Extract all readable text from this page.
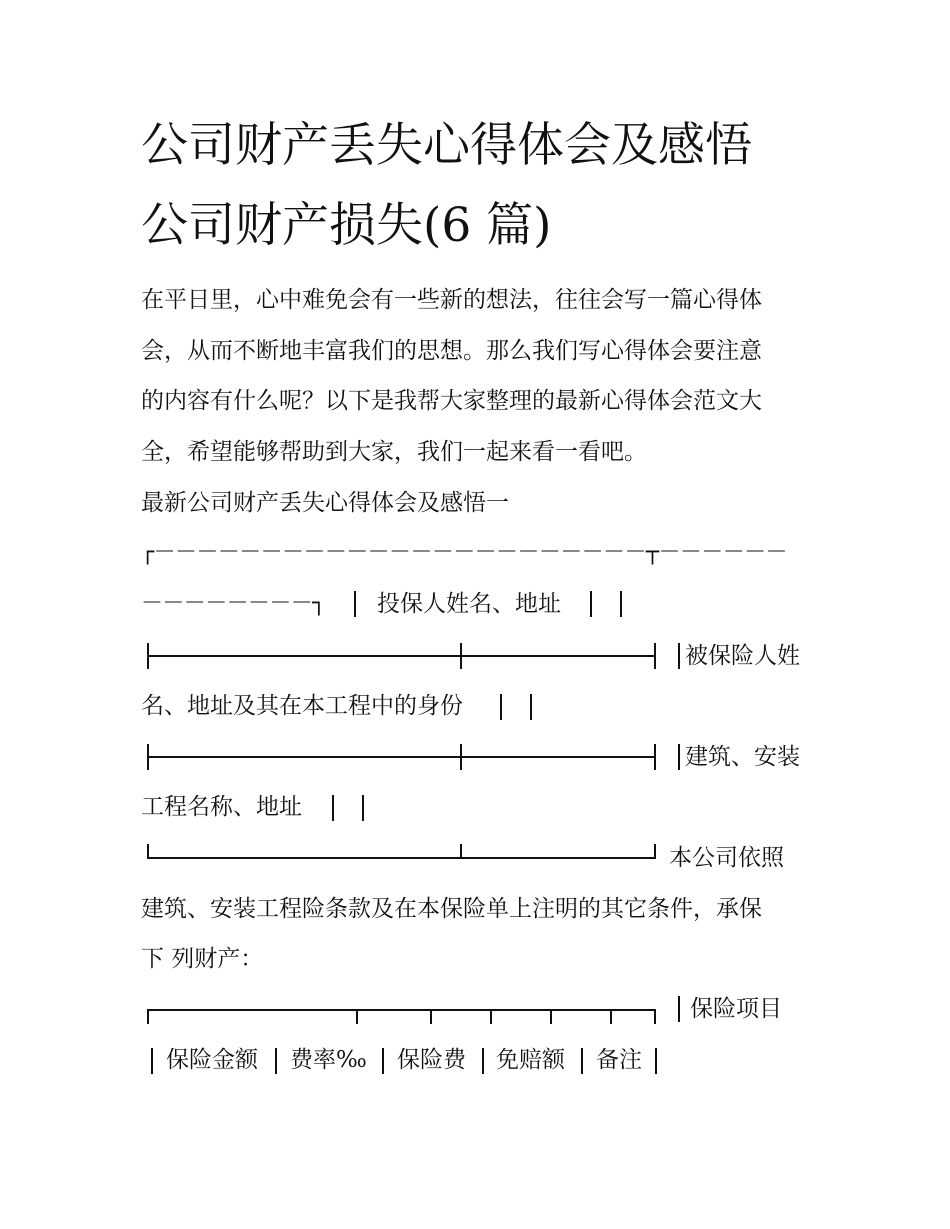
公司财产丢失心得体会及感悟
公司财产损失(6 篇)
在平日里，心中难免会有一些新的想法，往往会写一篇心得体
会，从而不断地丰富我们的思想。那么我们写心得体会要注意
的内容有什么呢？以下是我帮大家整理的最新心得体会范文大
全，希望能够帮助到大家，我们一起来看一看吧。
最新公司财产丢失心得体会及感悟一
┌－－－－－－－－－－－－－－－－－－－－－－－┬－－－－－－
－－－－－－－－┐ 投保人姓名、地址
被保险人姓
名、地址及其在本工程中的身份
建筑、安装
工程名称、地址
本公司依照
建筑、安装工程险条款及在本保险单上注明的其它条件，承保
下 列财产：
保险项目
保险金额 费率‰ 保险费 免赔额 备注
